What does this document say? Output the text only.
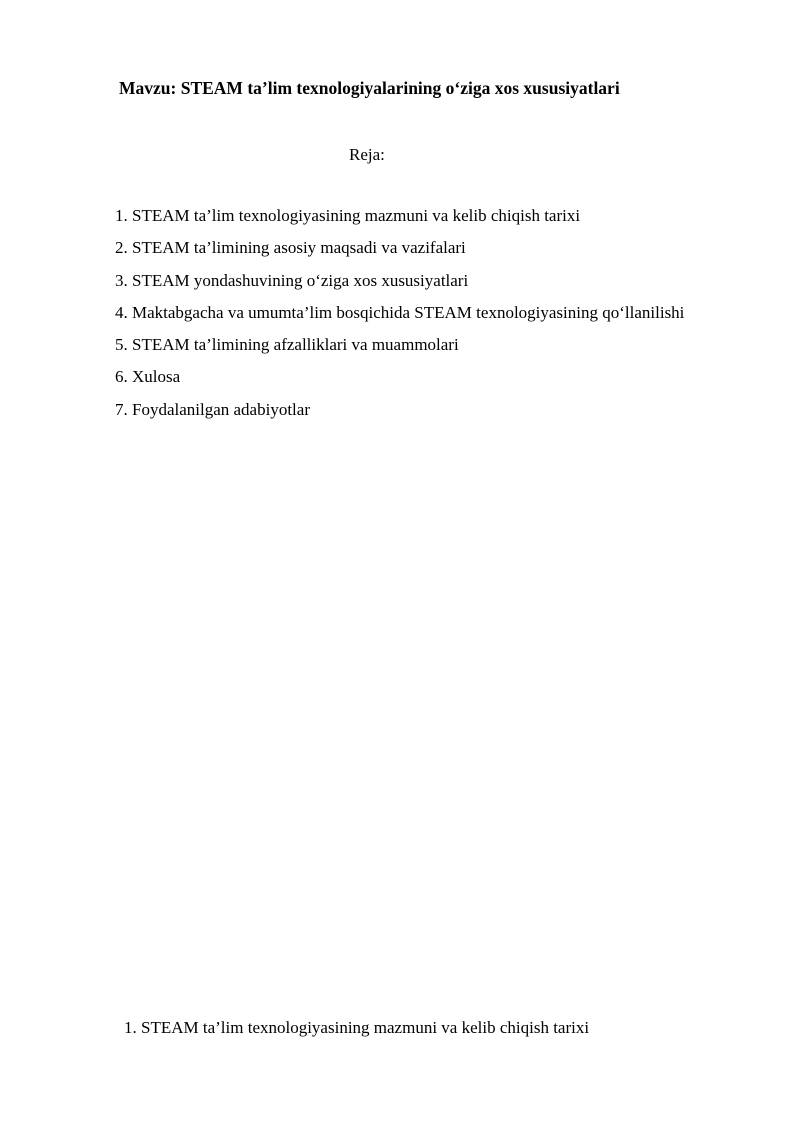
Mavzu: STEAM ta’lim texnologiyalarining o‘ziga xos xususiyatlari
Reja:
1. STEAM ta’lim texnologiyasining mazmuni va kelib chiqish tarixi
2. STEAM ta’limining asosiy maqsadi va vazifalari
3. STEAM yondashuvining o‘ziga xos xususiyatlari
4. Maktabgacha va umumta’lim bosqichida STEAM texnologiyasining qo‘llanilishi
5. STEAM ta’limining afzalliklari va muammolari
6. Xulosa
7. Foydalanilgan adabiyotlar
1. STEAM ta’lim texnologiyasining mazmuni va kelib chiqish tarixi
